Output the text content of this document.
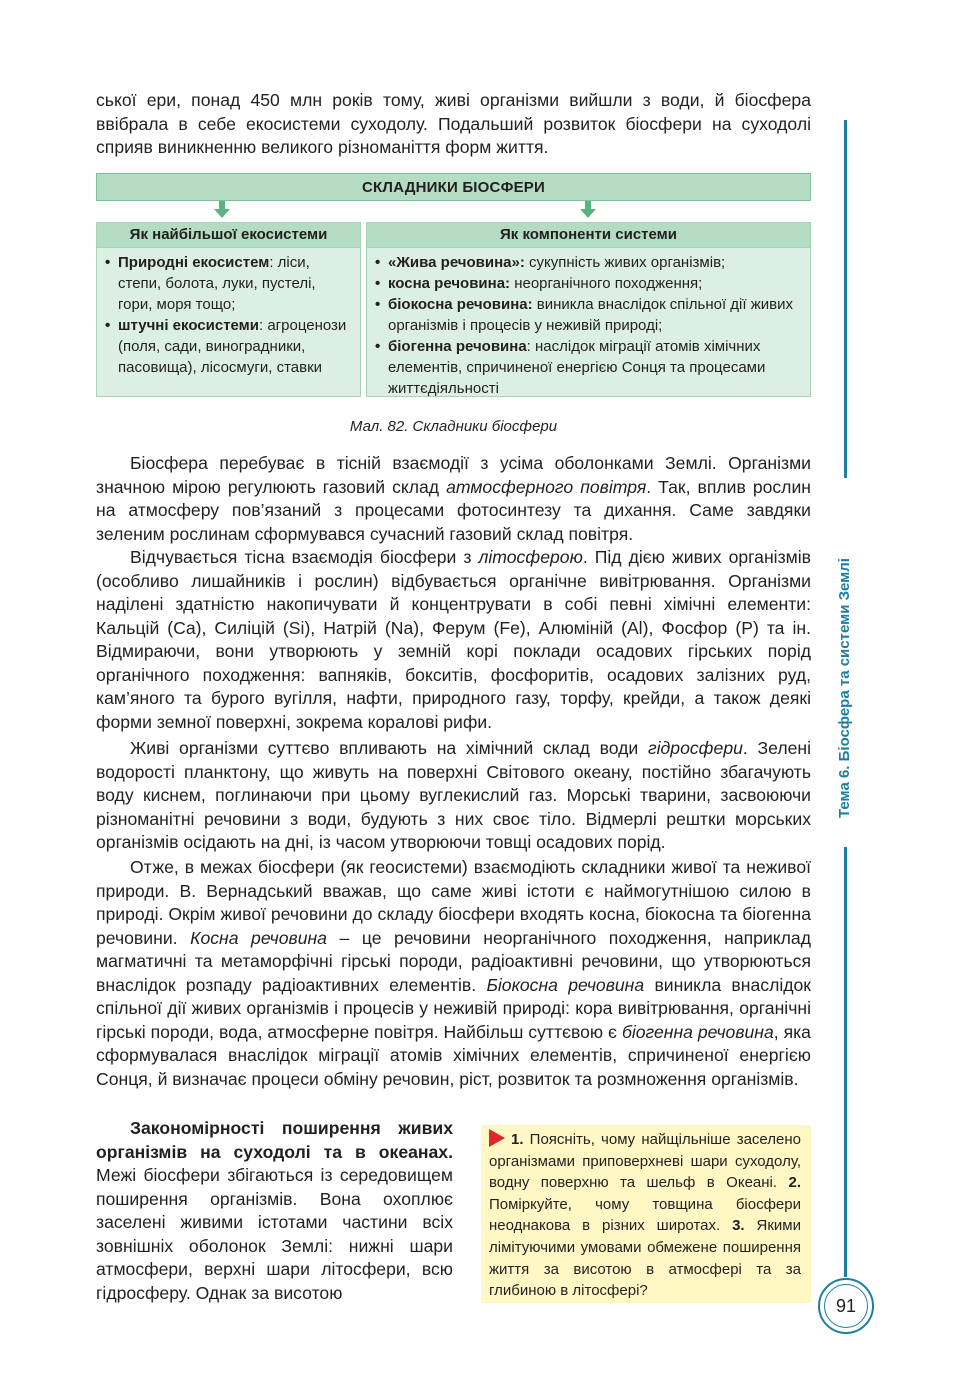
ської ери, понад 450 млн років тому, живі організми вийшли з води, й біосфера ввібрала в себе екосистеми суходолу. Подальший розвиток біосфери на суходолі сприяв виникненню великого різноманіття форм життя.

СКЛАДНИКИ БІОСФЕРИ
Як найбільшої екосистеми
• Природні екосистем: ліси, степи, болота, луки, пустелі, гори, моря тощо;
• штучні екосистеми: агроценози (поля, сади, виноградники, пасовища), лісосмуги, ставки
Як компоненти системи
• «Жива речовина»: сукупність живих організмів;
• косна речовина: неорганічного походження;
• біокосна речовина: виникла внаслідок спільної дії живих організмів і процесів у неживій природі;
• біогенна речовина: наслідок міграції атомів хімічних елементів, спричиненої енергією Сонця та процесами життєдіяльності
Мал. 82. Складники біосфери

Біосфера перебуває в тісній взаємодії з усіма оболонками Землі. Організми значною мірою регулюють газовий склад атмосферного повітря. Так, вплив рослин на атмосферу пов’язаний з процесами фотосинтезу та дихання. Саме завдяки зеленим рослинам сформувався сучасний газовий склад повітря.

Відчувається тісна взаємодія біосфери з літосферою. Під дією живих організмів (особливо лишайників і рослин) відбувається органічне вивітрювання. Організми наділені здатністю накопичувати й концентрувати в собі певні хімічні елементи: Кальцій (Ca), Силіцій (Si), Натрій (Na), Ферум (Fe), Алюміній (Al), Фосфор (P) та ін. Відмираючи, вони утворюють у земній корі поклади осадових гірських порід органічного походження: вапняків, бокситів, фосфоритів, осадових залізних руд, кам’яного та бурого вугілля, нафти, природного газу, торфу, крейди, а також деякі форми земної поверхні, зокрема коралові рифи.

Живі організми суттєво впливають на хімічний склад води гідросфери. Зелені водорості планктону, що живуть на поверхні Світового океану, постійно збагачують воду киснем, поглинаючи при цьому вуглекислий газ. Морські тварини, засвоюючи різноманітні речовини з води, будують з них своє тіло. Відмерлі рештки морських організмів осідають на дні, із часом утворюючи товщі осадових порід.

Отже, в межах біосфери (як геосистеми) взаємодіють складники живої та неживої природи. В. Вернадський вважав, що саме живі істоти є наймогутнішою силою в природі. Окрім живої речовини до складу біосфери входять косна, біокосна та біогенна речовини. Косна речовина – це речовини неорганічного походження, наприклад магматичні та метаморфічні гірські породи, радіоактивні речовини, що утворюються внаслідок розпаду радіоактивних елементів. Біокосна речовина виникла внаслідок спільної дії живих організмів і процесів у неживій природі: кора вивітрювання, органічні гірські породи, вода, атмосферне повітря. Найбільш суттєвою є біогенна речовина, яка сформувалася внаслідок міграції атомів хімічних елементів, спричиненої енергією Сонця, й визначає процеси обміну речовин, ріст, розвиток та розмноження організмів.

Закономірності поширення живих організмів на суходолі та в океанах. Межі біосфери збігаються із середовищем поширення організмів. Вона охоплює заселені живими істотами частини всіх зовнішніх оболонок Землі: нижні шари атмосфери, верхні шари літосфери, всю гідросферу. Однак за висотою

1. Поясніть, чому найщільніше заселено організмами приповерхневі шари суходолу, водну поверхню та шельф в Океані. 2. Поміркуйте, чому товщина біосфери неоднакова в різних широтах. 3. Якими лімітуючими умовами обмежене поширення життя за висотою в атмосфері та за глибиною в літосфері?
Тема 6. Біосфера та системи Землі
91
